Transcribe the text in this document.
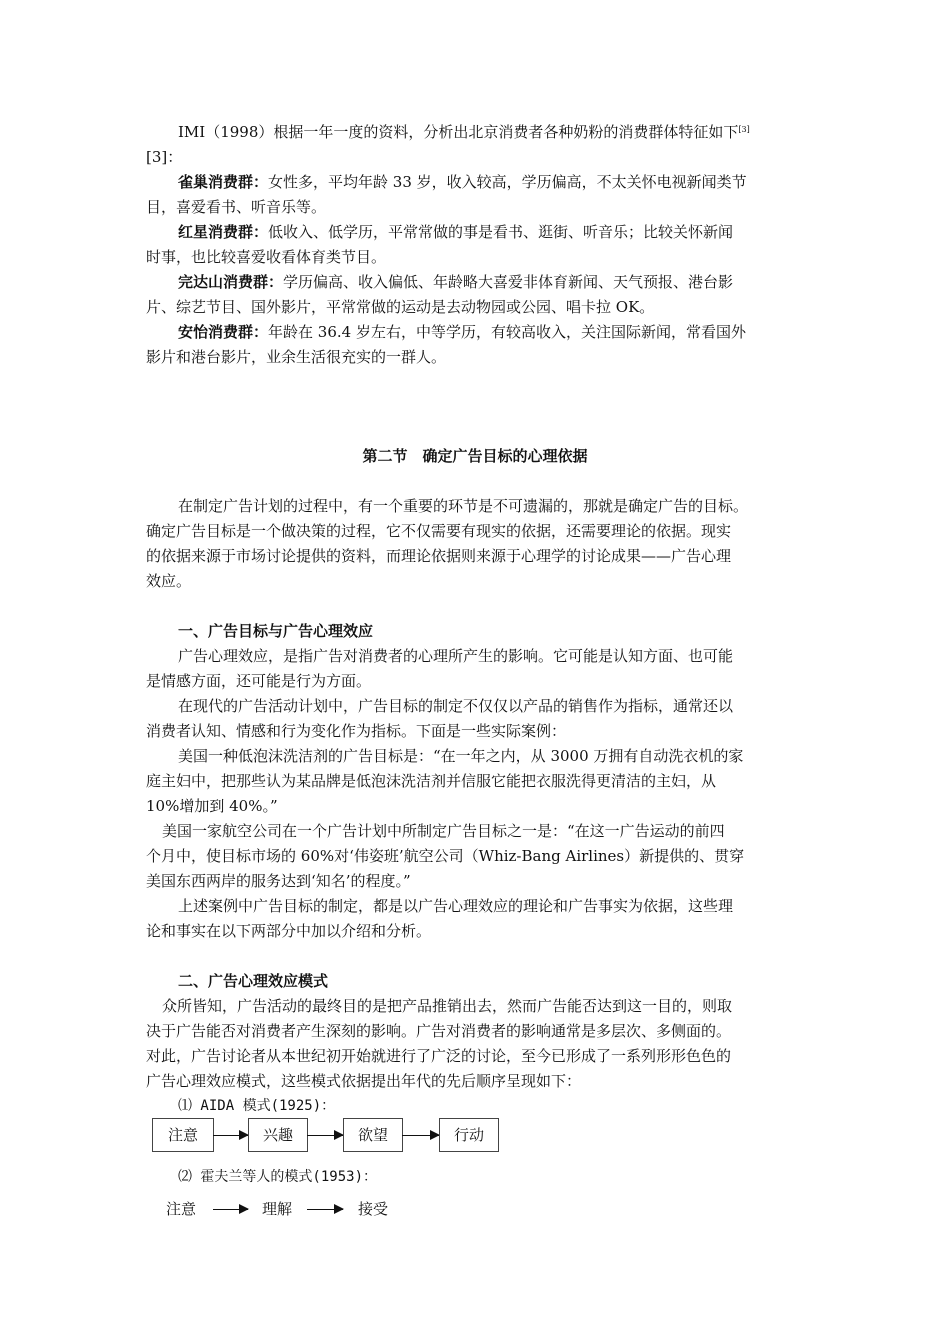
IMI（1998）根据一年一度的资料，分析出北京消费者各种奶粉的消费群体特征如下[3]
[3]：
雀巢消费群：女性多，平均年龄 33 岁，收入较高，学历偏高，不太关怀电视新闻类节
目，喜爱看书、听音乐等。
红星消费群：低收入、低学历，平常常做的事是看书、逛街、听音乐；比较关怀新闻
时事，也比较喜爱收看体育类节目。
完达山消费群：学历偏高、收入偏低、年龄略大喜爱非体育新闻、天气预报、港台影
片、综艺节目、国外影片，平常常做的运动是去动物园或公园、唱卡拉 OK。
安怡消费群：年龄在 36.4 岁左右，中等学历，有较高收入，关注国际新闻，常看国外
影片和港台影片，业余生活很充实的一群人。
第二节　确定广告目标的心理依据
在制定广告计划的过程中，有一个重要的环节是不可遗漏的，那就是确定广告的目标。
确定广告目标是一个做决策的过程，它不仅需要有现实的依据，还需要理论的依据。现实
的依据来源于市场讨论提供的资料，而理论依据则来源于心理学的讨论成果——广告心理
效应。
一、广告目标与广告心理效应
广告心理效应，是指广告对消费者的心理所产生的影响。它可能是认知方面、也可能
是情感方面，还可能是行为方面。
在现代的广告活动计划中，广告目标的制定不仅仅以产品的销售作为指标，通常还以
消费者认知、情感和行为变化作为指标。下面是一些实际案例：
美国一种低泡沫洗洁剂的广告目标是：“在一年之内，从 3000 万拥有自动洗衣机的家
庭主妇中，把那些认为某品牌是低泡沫洗洁剂并信服它能把衣服洗得更清洁的主妇，从
10%增加到 40%。”
美国一家航空公司在一个广告计划中所制定广告目标之一是：“在这一广告运动的前四
个月中，使目标市场的 60%对‘伟姿班’航空公司（Whiz-Bang Airlines）新提供的、贯穿
美国东西两岸的服务达到‘知名’的程度。”
上述案例中广告目标的制定，都是以广告心理效应的理论和广告事实为依据，这些理
论和事实在以下两部分中加以介绍和分析。
二、广告心理效应模式
众所皆知，广告活动的最终目的是把产品推销出去，然而广告能否达到这一目的，则取
决于广告能否对消费者产生深刻的影响。广告对消费者的影响通常是多层次、多侧面的。
对此，广告讨论者从本世纪初开始就进行了广泛的讨论，至今已形成了一系列形形色色的
广告心理效应模式，这些模式依据提出年代的先后顺序呈现如下：
⑴ AIDA 模式(1925)：
注意	兴趣	欲望	行动
⑵ 霍夫兰等人的模式(1953)：
注意	理解	接受
